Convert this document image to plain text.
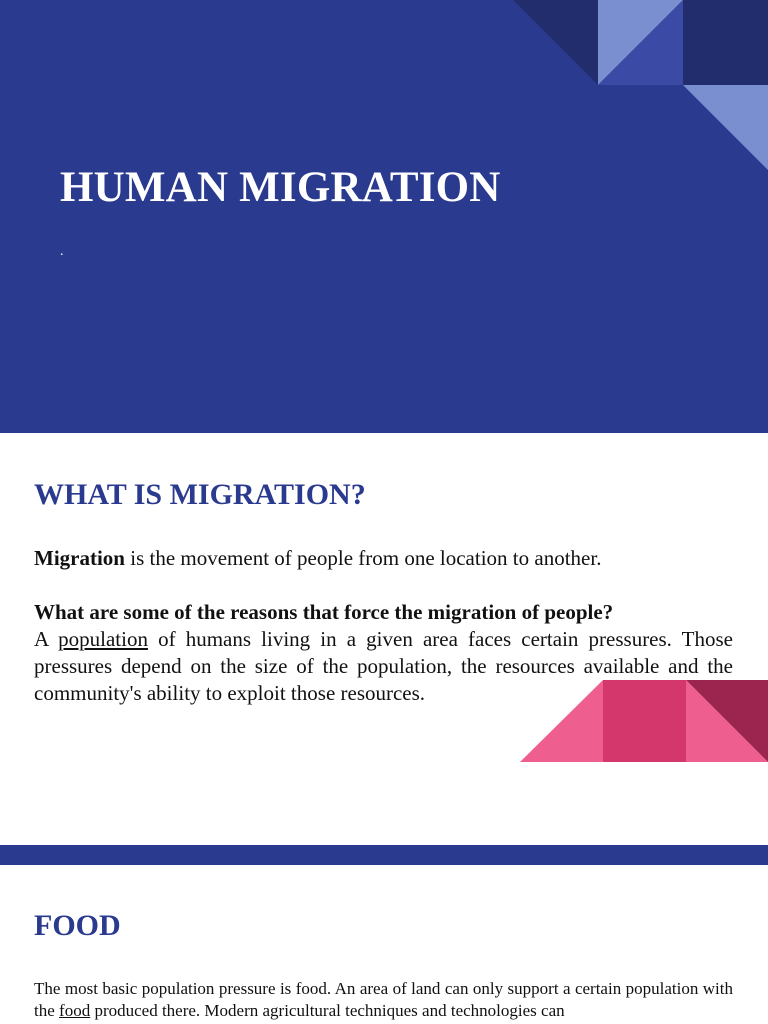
HUMAN MIGRATION
.
WHAT IS MIGRATION?

Migration is the movement of people from one location to another.

What are some of the reasons that force the migration of people?

A population of humans living in a given area faces certain pressures. Those pressures depend on the size of the population, the resources available and the community's ability to exploit those resources.

FOOD

The most basic population pressure is food. An area of land can only support a certain population with the food produced there. Modern agricultural techniques and technologies can
